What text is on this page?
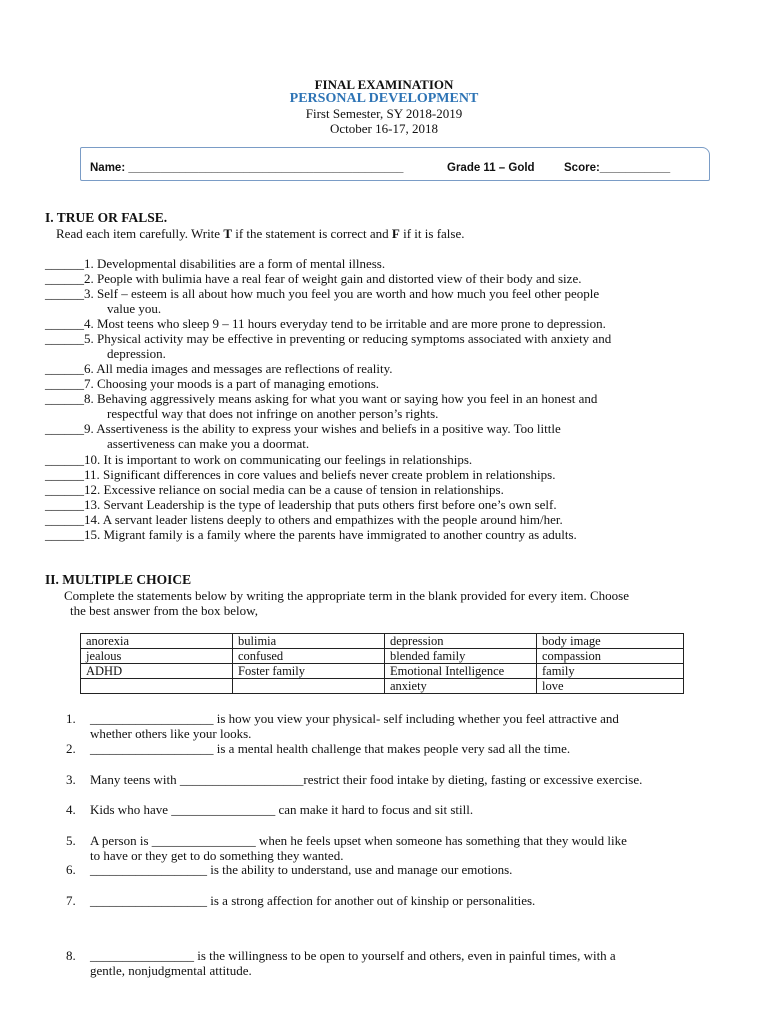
FINAL EXAMINATION
PERSONAL DEVELOPMENT
First Semester, SY 2018-2019
October 16-17, 2018
Name: ___________________________________________	Grade 11 – Gold	Score:___________
I. TRUE OR FALSE.
Read each item carefully. Write T if the statement is correct and F if it is false.
______1. Developmental disabilities are a form of mental illness.
______2. People with bulimia have a real fear of weight gain and distorted view of their body and size.
______3. Self – esteem is all about how much you feel you are worth and how much you feel other people
value you.
______4. Most teens who sleep 9 – 11 hours everyday tend to be irritable and are more prone to depression.
______5. Physical activity may be effective in preventing or reducing symptoms associated with anxiety and
depression.
______6. All media images and messages are reflections of reality.
______7. Choosing your moods is a part of managing emotions.
______8. Behaving aggressively means asking for what you want or saying how you feel in an honest and
respectful way that does not infringe on another person’s rights.
______9. Assertiveness is the ability to express your wishes and beliefs in a positive way. Too little
assertiveness can make you a doormat.
______10. It is important to work on communicating our feelings in relationships.
______11. Significant differences in core values and beliefs never create problem in relationships.
______12. Excessive reliance on social media can be a cause of tension in relationships.
______13. Servant Leadership is the type of leadership that puts others first before one’s own self.
______14. A servant leader listens deeply to others and empathizes with the people around him/her.
______15. Migrant family is a family where the parents have immigrated to another country as adults.
II. MULTIPLE CHOICE
Complete the statements below by writing the appropriate term in the blank provided for every item. Choose
the best answer from the box below,
anorexia	bulimia	depression	body image
jealous	confused	blended family	compassion
ADHD	Foster family	Emotional Intelligence	family
		anxiety	love
1. ___________________ is how you view your physical- self including whether you feel attractive and
whether others like your looks.
2. ___________________ is a mental health challenge that makes people very sad all the time.
3. Many teens with ___________________restrict their food intake by dieting, fasting or excessive exercise.
4. Kids who have ________________ can make it hard to focus and sit still.
5. A person is ________________ when he feels upset when someone has something that they would like
to have or they get to do something they wanted.
6. __________________ is the ability to understand, use and manage our emotions.
7. __________________ is a strong affection for another out of kinship or personalities.
8. ________________ is the willingness to be open to yourself and others, even in painful times, with a
gentle, nonjudgmental attitude.
